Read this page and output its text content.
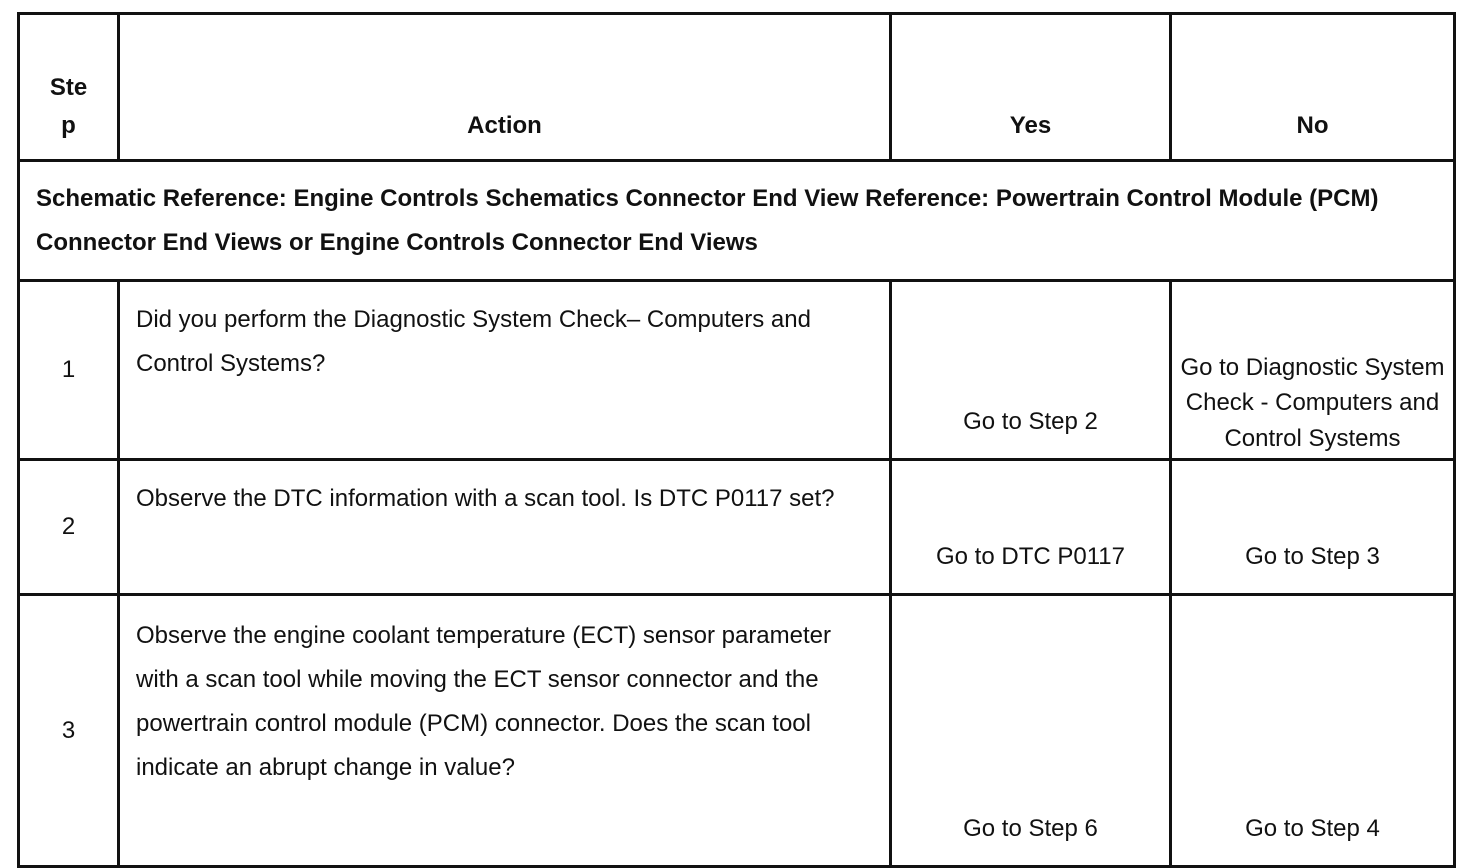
Step	Action	Yes	No
Schematic Reference: Engine Controls Schematics Connector End View Reference: Powertrain Control Module (PCM) Connector End Views or Engine Controls Connector End Views			
1	Did you perform the Diagnostic System Check– Computers and Control Systems?	Go to Step 2	Go to Diagnostic System Check - Computers and Control Systems
2	Observe the DTC information with a scan tool. Is DTC P0117 set?	Go to DTC P0117	Go to Step 3
3	Observe the engine coolant temperature (ECT) sensor parameter with a scan tool while moving the ECT sensor connector and the powertrain control module (PCM) connector. Does the scan tool indicate an abrupt change in value?	Go to Step 6	Go to Step 4
